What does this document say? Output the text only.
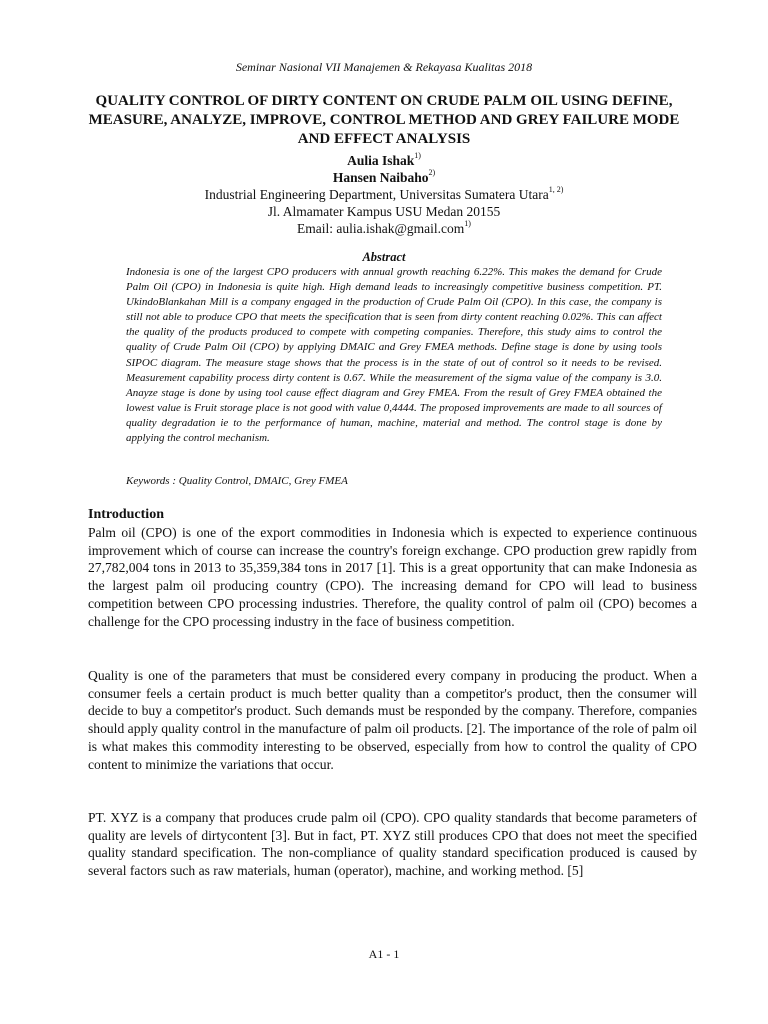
Seminar Nasional VII Manajemen & Rekayasa Kualitas 2018
QUALITY CONTROL OF DIRTY CONTENT ON CRUDE PALM OIL USING DEFINE, MEASURE, ANALYZE, IMPROVE, CONTROL METHOD AND GREY FAILURE MODE AND EFFECT ANALYSIS
Aulia Ishak$^{1)}$
Hansen Naibaho$^{2)}$
Industrial Engineering Department, Universitas Sumatera Utara$^{1, 2)}$
Jl. Almamater Kampus USU Medan 20155
Email: aulia.ishak@gmail.com$^{1)}$
Abstract

Indonesia is one of the largest CPO producers with annual growth reaching 6.22%. This makes the demand for Crude Palm Oil (CPO) in Indonesia is quite high. High demand leads to increasingly competitive business competition. PT. UkindoBlankahan Mill is a company engaged in the production of Crude Palm Oil (CPO). In this case, the company is still not able to produce CPO that meets the specification that is seen from dirty content reaching 0.02%. This can affect the quality of the products produced to compete with competing companies. Therefore, this study aims to control the quality of Crude Palm Oil (CPO) by applying DMAIC and Grey FMEA methods. Define stage is done by using tools SIPOC diagram. The measure stage shows that the process is in the state of out of control so it needs to be revised. Measurement capability process dirty content is 0.67. While the measurement of the sigma value of the company is 3.0. Anayze stage is done by using tool cause effect diagram and Grey FMEA. From the result of Grey FMEA obtained the lowest value is Fruit storage place is not good with value 0,4444. The proposed improvements are made to all sources of quality degradation ie to the performance of human, machine, material and method. The control stage is done by applying the control mechanism.

Keywords : Quality Control, DMAIC, Grey FMEA
Introduction

Palm oil (CPO) is one of the export commodities in Indonesia which is expected to experience continuous improvement which of course can increase the country's foreign exchange. CPO production grew rapidly from 27,782,004 tons in 2013 to 35,359,384 tons in 2017 [1]. This is a great opportunity that can make Indonesia as the largest palm oil producing country (CPO). The increasing demand for CPO will lead to business competition between CPO processing industries. Therefore, the quality control of palm oil (CPO) becomes a challenge for the CPO processing industry in the face of business competition.

Quality is one of the parameters that must be considered every company in producing the product. When a consumer feels a certain product is much better quality than a competitor's product, then the consumer will decide to buy a competitor's product. Such demands must be responded by the company. Therefore, companies should apply quality control in the manufacture of palm oil products. [2]. The importance of the role of palm oil is what makes this commodity interesting to be observed, especially from how to control the quality of CPO content to minimize the variations that occur.

PT. XYZ is a company that produces crude palm oil (CPO). CPO quality standards that become parameters of quality are levels of dirtycontent [3]. But in fact, PT. XYZ still produces CPO that does not meet the specified quality standard specification. The non-compliance of quality standard specification produced is caused by several factors such as raw materials, human (operator), machine, and working method. [5]

A1 - 1
